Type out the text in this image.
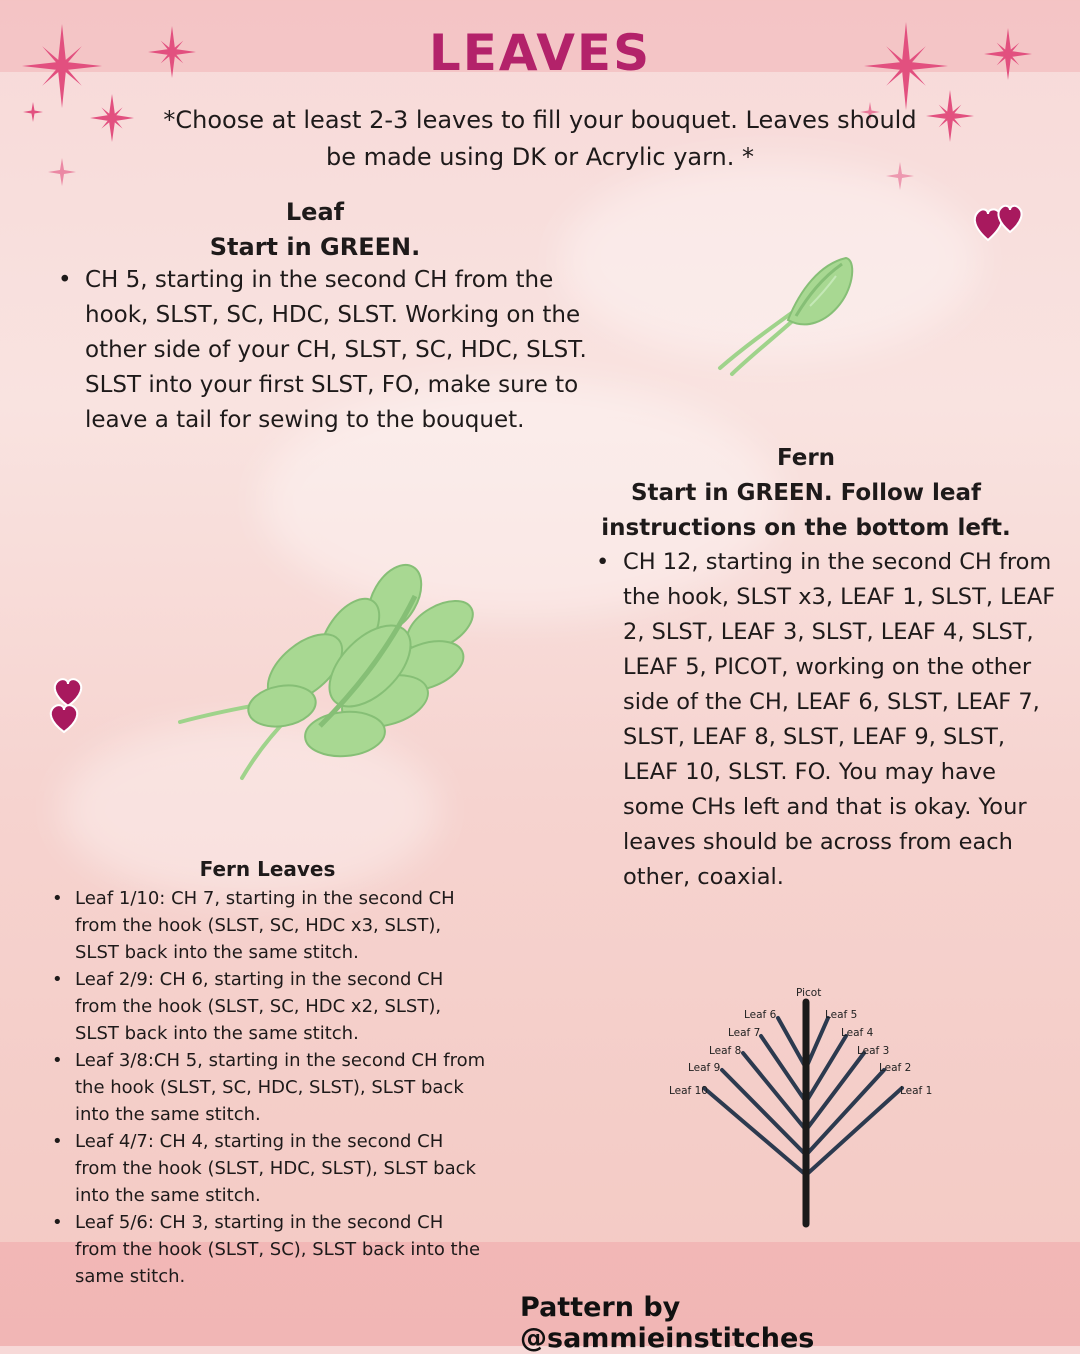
LEAVES

*Choose at least 2-3 leaves to fill your bouquet. Leaves should be made using DK or Acrylic yarn. *

Leaf
Start in GREEN.
• CH 5, starting in the second CH from the hook, SLST, SC, HDC, SLST. Working on the other side of your CH, SLST, SC, HDC, SLST. SLST into your first SLST, FO, make sure to leave a tail for sewing to the bouquet.
Fern
Start in GREEN. Follow leaf instructions on the bottom left.
• CH 12, starting in the second CH from the hook, SLST x3, LEAF 1, SLST, LEAF 2, SLST, LEAF 3, SLST, LEAF 4, SLST, LEAF 5, PICOT, working on the other side of the CH, LEAF 6, SLST, LEAF 7, SLST, LEAF 8, SLST, LEAF 9, SLST, LEAF 10, SLST. FO. You may have some CHs left and that is okay. Your leaves should be across from each other, coaxial.
Fern Leaves
• Leaf 1/10: CH 7, starting in the second CH from the hook (SLST, SC, HDC x3, SLST), SLST back into the same stitch.
• Leaf 2/9: CH 6, starting in the second CH from the hook (SLST, SC, HDC x2, SLST), SLST back into the same stitch.
• Leaf 3/8:CH 5, starting in the second CH from the hook (SLST, SC, HDC, SLST), SLST back into the same stitch.
• Leaf 4/7: CH 4, starting in the second CH from the hook (SLST, HDC, SLST), SLST back into the same stitch.
• Leaf 5/6: CH 3, starting in the second CH from the hook (SLST, SC), SLST back into the same stitch.
Picot
Leaf 6
Leaf 7
Leaf 8
Leaf 9
Leaf 10
Leaf 5
Leaf 4
Leaf 3
Leaf 2
Leaf 1

Pattern by @sammieinstitches
